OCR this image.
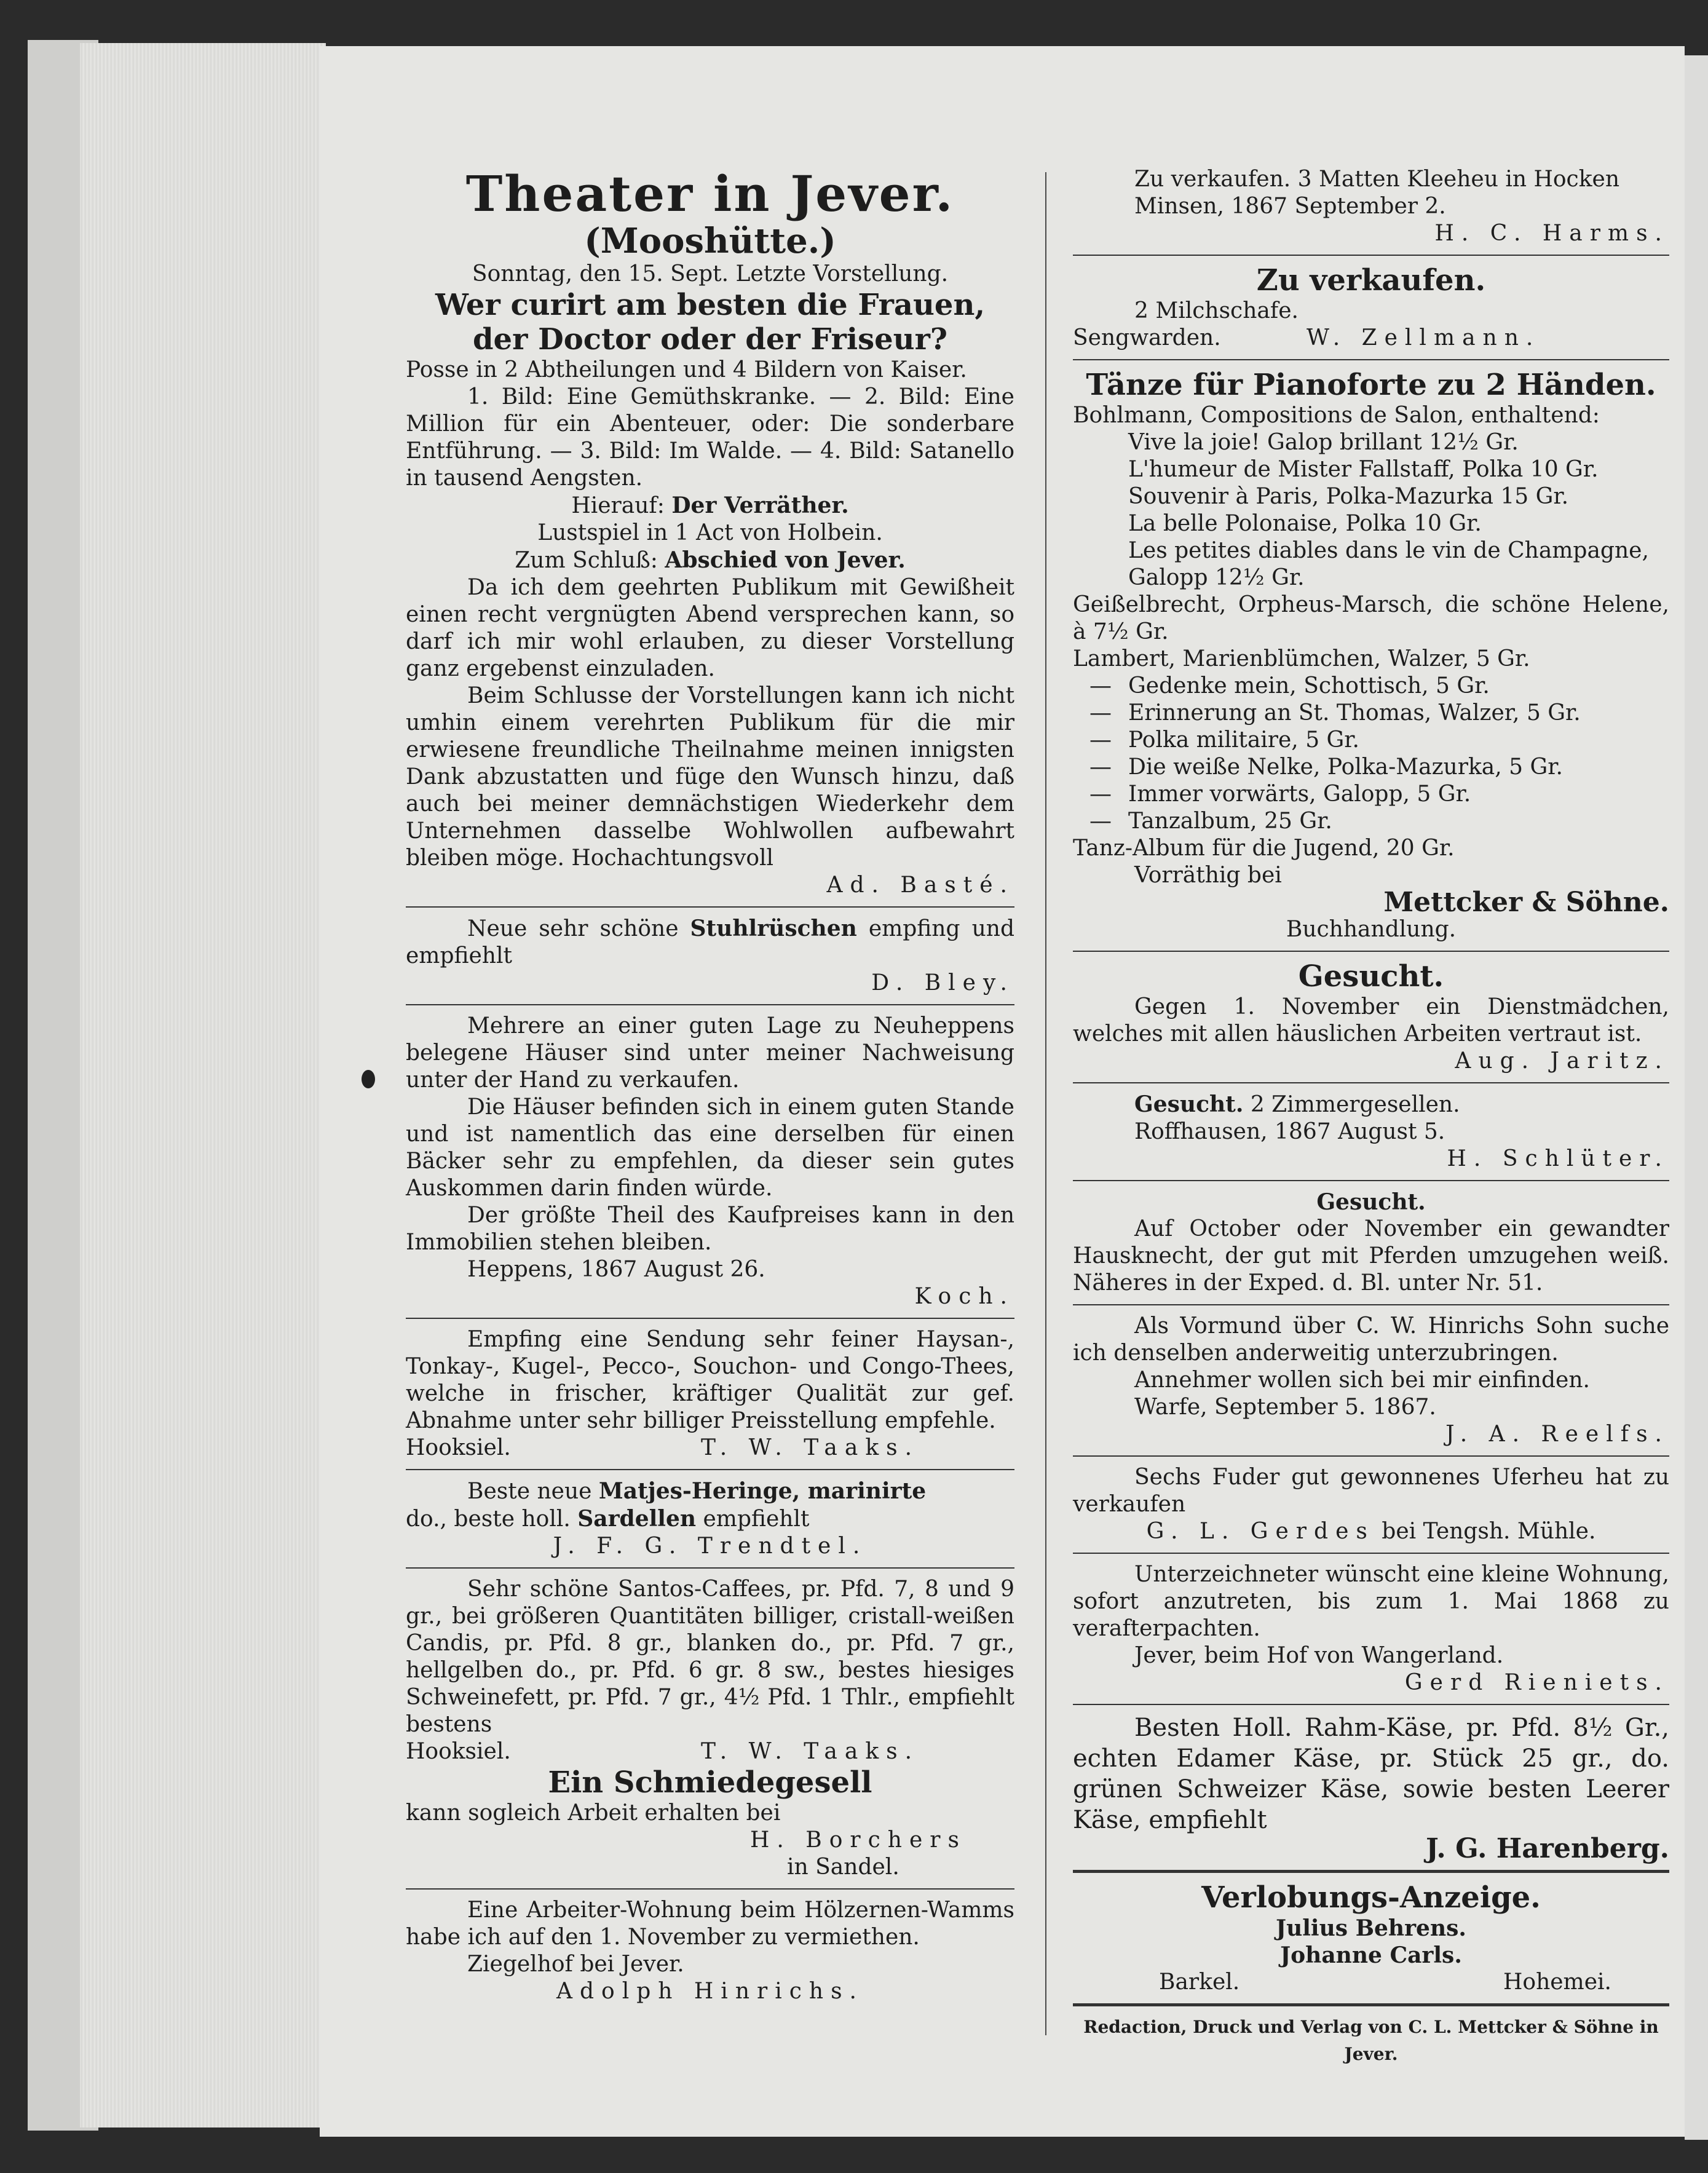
Theater in Jever.

(Mooshütte.)

Sonntag, den 15. Sept. Letzte Vorstellung.

Wer curirt am besten die Frauen,

der Doctor oder der Friseur?

Posse in 2 Abtheilungen und 4 Bildern von Kaiser.

1. Bild: Eine Gemüthskranke. — 2. Bild: Eine Million für ein Abenteuer, oder: Die sonderbare Entführung. — 3. Bild: Im Walde. — 4. Bild: Satanello in tausend Aengsten.

Hierauf: Der Verräther.

Lustspiel in 1 Act von Holbein.

Zum Schluß: Abschied von Jever.

Da ich dem geehrten Publikum mit Gewißheit einen recht vergnügten Abend versprechen kann, so darf ich mir wohl erlauben, zu dieser Vorstellung ganz ergebenst einzuladen.

Beim Schlusse der Vorstellungen kann ich nicht umhin einem verehrten Publikum für die mir erwiesene freundliche Theilnahme meinen innigsten Dank abzustatten und füge den Wunsch hinzu, daß auch bei meiner demnächstigen Wiederkehr dem Unternehmen dasselbe Wohlwollen aufbewahrt bleiben möge. Hochachtungsvoll

Ad. Basté.

Neue sehr schöne Stuhlrüschen empfing und empfiehlt

D. Bley.

Mehrere an einer guten Lage zu Neuheppens belegene Häuser sind unter meiner Nachweisung unter der Hand zu verkaufen.

Die Häuser befinden sich in einem guten Stande und ist namentlich das eine derselben für einen Bäcker sehr zu empfehlen, da dieser sein gutes Auskommen darin finden würde.

Der größte Theil des Kaufpreises kann in den Immobilien stehen bleiben.

Heppens, 1867 August 26.

Koch.

Empfing eine Sendung sehr feiner Haysan-, Tonkay-, Kugel-, Pecco-, Souchon- und Congo-Thees, welche in frischer, kräftiger Qualität zur gef. Abnahme unter sehr billiger Preisstellung empfehle.

Hooksiel.	T. W. Taaks.

Beste neue Matjes-Heringe, marinirte

do., beste holl. Sardellen empfiehlt

J. F. G. Trendtel.

Sehr schöne Santos-Caffees, pr. Pfd. 7, 8 und 9 gr., bei größeren Quantitäten billiger, cristall-weißen Candis, pr. Pfd. 8 gr., blanken do., pr. Pfd. 7 gr., hellgelben do., pr. Pfd. 6 gr. 8 sw., bestes hiesiges Schweinefett, pr. Pfd. 7 gr., 4½ Pfd. 1 Thlr., empfiehlt bestens

Hooksiel.	T. W. Taaks.

Ein Schmiedegesell

kann sogleich Arbeit erhalten bei

H. Borchers

in Sandel.

Eine Arbeiter-Wohnung beim Hölzernen-Wamms habe ich auf den 1. November zu vermiethen.

Ziegelhof bei Jever.

Adolph Hinrichs.

Zu verkaufen. 3 Matten Kleeheu in Hocken

Minsen, 1867 September 2.

H. C. Harms.

Zu verkaufen.

2 Milchschafe.

Sengwarden.	W. Zellmann.

Tänze für Pianoforte zu 2 Händen.

Bohlmann, Compositions de Salon, enthaltend:

Vive la joie! Galop brillant 12½ Gr.

L'humeur de Mister Fallstaff, Polka 10 Gr.

Souvenir à Paris, Polka-Mazurka 15 Gr.

La belle Polonaise, Polka 10 Gr.

Les petites diables dans le vin de Champagne, Galopp 12½ Gr.

Geißelbrecht, Orpheus-Marsch, die schöne Helene, à 7½ Gr.

Lambert, Marienblümchen, Walzer, 5 Gr.

— Gedenke mein, Schottisch, 5 Gr.

— Erinnerung an St. Thomas, Walzer, 5 Gr.

— Polka militaire, 5 Gr.

— Die weiße Nelke, Polka-Mazurka, 5 Gr.

— Immer vorwärts, Galopp, 5 Gr.

— Tanzalbum, 25 Gr.

Tanz-Album für die Jugend, 20 Gr.

Vorräthig bei

Mettcker & Söhne.

Buchhandlung.

Gesucht.

Gegen 1. November ein Dienstmädchen, welches mit allen häuslichen Arbeiten vertraut ist.

Aug. Jaritz.

Gesucht. 2 Zimmergesellen.

Roffhausen, 1867 August 5.

H. Schlüter.

Gesucht.

Auf October oder November ein gewandter Hausknecht, der gut mit Pferden umzugehen weiß. Näheres in der Exped. d. Bl. unter Nr. 51.

Als Vormund über C. W. Hinrichs Sohn suche ich denselben anderweitig unterzubringen.

Annehmer wollen sich bei mir einfinden.

Warfe, September 5. 1867.

J. A. Reelfs.

Sechs Fuder gut gewonnenes Uferheu hat zu verkaufen

G. L. Gerdes bei Tengsh. Mühle.

Unterzeichneter wünscht eine kleine Wohnung, sofort anzutreten, bis zum 1. Mai 1868 zu verafterpachten.

Jever, beim Hof von Wangerland.

Gerd Rieniets.

Besten Holl. Rahm-Käse, pr. Pfd. 8½ Gr., echten Edamer Käse, pr. Stück 25 gr., do. grünen Schweizer Käse, sowie besten Leerer Käse, empfiehlt

J. G. Harenberg.

Verlobungs-Anzeige.

Julius Behrens.

Johanne Carls.

Barkel.	Hohemei.

Redaction, Druck und Verlag von C. L. Mettcker & Söhne in Jever.
